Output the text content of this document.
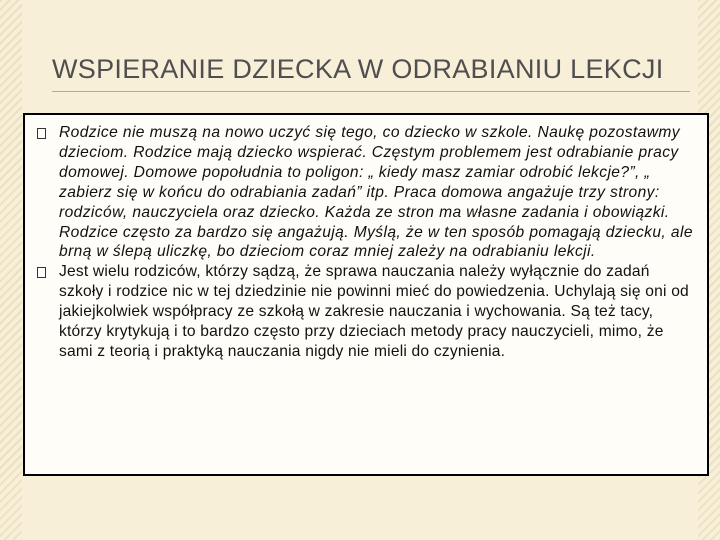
WSPIERANIE DZIECKA W ODRABIANIU LEKCJI
Rodzice nie muszą na nowo uczyć się tego, co dziecko w szkole. Naukę pozostawmy dzieciom. Rodzice mają dziecko wspierać. Częstym problemem jest odrabianie pracy domowej. Domowe popołudnia to poligon: „ kiedy masz zamiar odrobić lekcje?”, „ zabierz się w końcu do odrabiania zadań” itp. Praca domowa angażuje trzy strony: rodziców, nauczyciela oraz dziecko. Każda ze stron ma własne zadania i obowiązki. Rodzice często za bardzo się angażują. Myślą, że w ten sposób pomagają dziecku, ale brną w ślepą uliczkę, bo dzieciom coraz mniej zależy na odrabianiu lekcji.
Jest wielu rodziców, którzy sądzą, że sprawa nauczania należy wyłącznie do zadań szkoły i rodzice nic w tej dziedzinie nie powinni mieć do powiedzenia. Uchylają się oni od jakiejkolwiek współpracy ze szkołą w zakresie nauczania i wychowania. Są też tacy, którzy krytykują i to bardzo często przy dzieciach metody pracy nauczycieli, mimo, że sami z teorią i praktyką nauczania nigdy nie mieli do czynienia.
